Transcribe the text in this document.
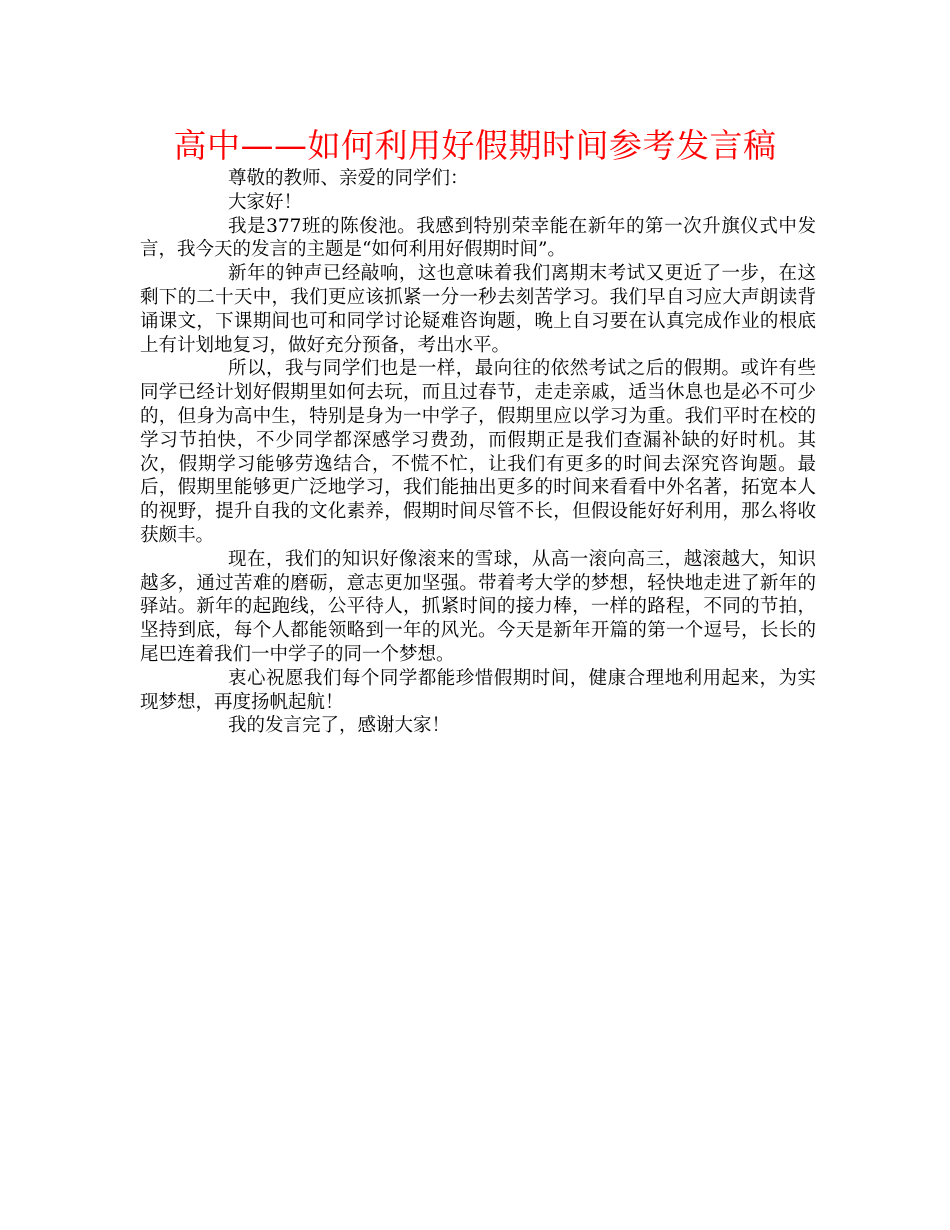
高中——如何利用好假期时间参考发言稿

尊敬的教师、亲爱的同学们：

大家好！

我是377班的陈俊池。我感到特别荣幸能在新年的第一次升旗仪式中发言，我今天的发言的主题是“如何利用好假期时间”。

新年的钟声已经敲响，这也意味着我们离期末考试又更近了一步，在这剩下的二十天中，我们更应该抓紧一分一秒去刻苦学习。我们早自习应大声朗读背诵课文，下课期间也可和同学讨论疑难咨询题，晚上自习要在认真完成作业的根底上有计划地复习，做好充分预备，考出水平。

所以，我与同学们也是一样，最向往的依然考试之后的假期。或许有些同学已经计划好假期里如何去玩，而且过春节，走走亲戚，适当休息也是必不可少的，但身为高中生，特别是身为一中学子，假期里应以学习为重。我们平时在校的学习节拍快，不少同学都深感学习费劲，而假期正是我们查漏补缺的好时机。其次，假期学习能够劳逸结合，不慌不忙，让我们有更多的时间去深究咨询题。最后，假期里能够更广泛地学习，我们能抽出更多的时间来看看中外名著，拓宽本人的视野，提升自我的文化素养，假期时间尽管不长，但假设能好好利用，那么将收获颇丰。

现在，我们的知识好像滚来的雪球，从高一滚向高三，越滚越大，知识越多，通过苦难的磨砺，意志更加坚强。带着考大学的梦想，轻快地走进了新年的驿站。新年的起跑线，公平待人，抓紧时间的接力棒，一样的路程，不同的节拍，坚持到底，每个人都能领略到一年的风光。今天是新年开篇的第一个逗号，长长的尾巴连着我们一中学子的同一个梦想。

衷心祝愿我们每个同学都能珍惜假期时间，健康合理地利用起来，为实现梦想，再度扬帆起航！

我的发言完了，感谢大家！
